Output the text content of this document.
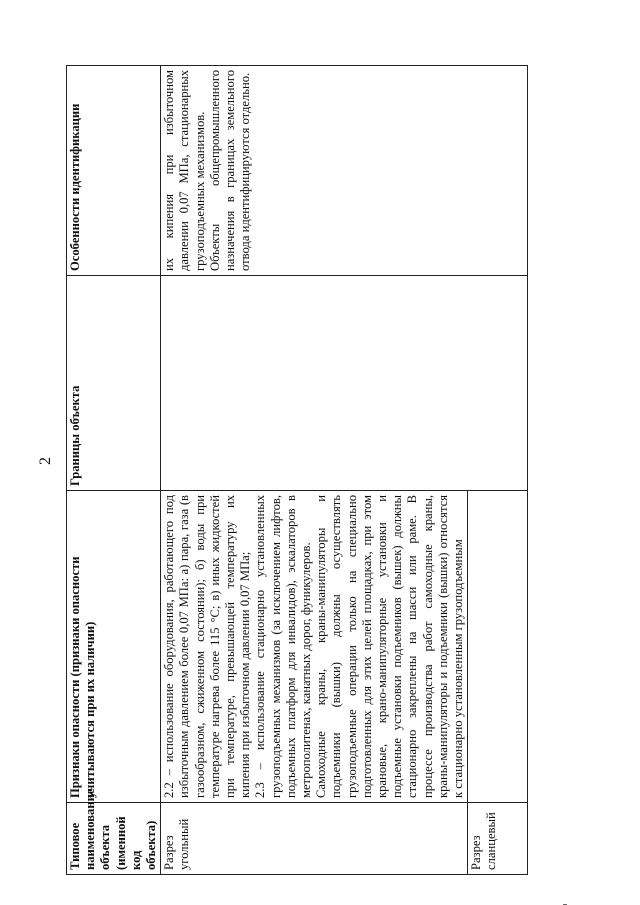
2
Типовое наименование объекта (именной код объекта)	Признаки опасности (признаки опасности учитываются при их наличии)	Границы объекта	Особенности идентификации
Разрез угольный	2.2 – использование оборудования, работающего под избыточным давлением более 0,07 МПа: а) пара, газа (в газообразном, сжиженном состоянии); б) воды при температуре нагрева более 115 °С; в) иных жидкостей при температуре, превышающей температуру их кипения при избыточном давлении 0,07 МПа; 2.3 – использование стационарно установленных грузоподъемных механизмов (за исключением лифтов, подъемных платформ для инвалидов), эскалаторов в метрополитенах, канатных дорог, фуникулеров. Самоходные краны, краны-манипуляторы и подъемники (вышки) должны осуществлять грузоподъемные операции только на специально подготовленных для этих целей площадках, при этом крановые, крано-манипуляторные установки и подъемные установки подъемников (вышек) должны стационарно закреплены на шасси или раме. В процессе производства работ самоходные краны, краны-манипуляторы и подъемники (вышки) относятся к стационарно установленным грузоподъемным		их кипения при избыточном давлении 0,07 МПа, стационарных грузоподъемных механизмов. Объекты общепромышленного назначения в границах земельного отвода идентифицируются отдельно.

Разрез сланцевый			
